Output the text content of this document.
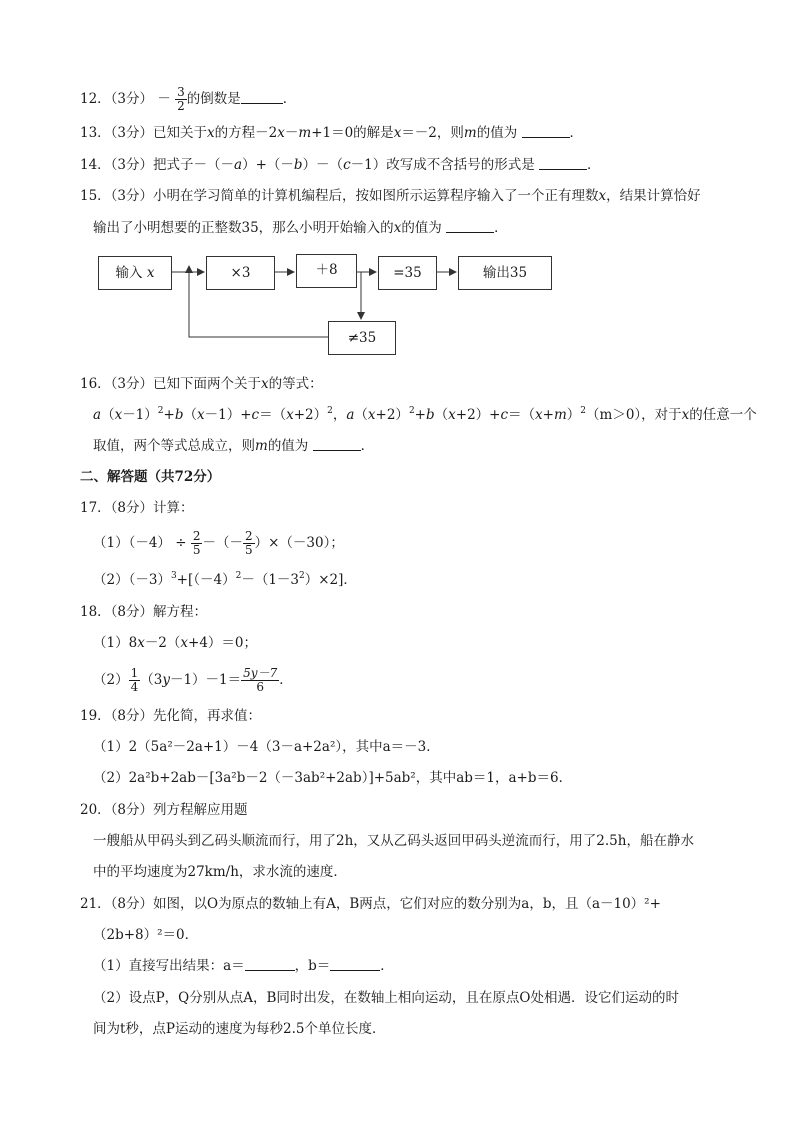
12．（3分） － $\frac{3}{2}$ 的倒数是	．
13．（3分）已知关于x的方程－2x－m+1＝0的解是x＝－2，则m的值为	．
14．（3分）把式子－（－a）+（－b）－（c－1）改写成不含括号的形式是	．
15．（3分）小明在学习简单的计算机编程后，按如图所示运算程序输入了一个正有理数x，结果计算恰好
输出了小明想要的正整数35，那么小明开始输入的x的值为	．
输入 x	×3	＋8	=35	输出35
≠35
16．（3分）已知下面两个关于x的等式：
$a(x-1)^2+b(x-1)+c=(x+2)^2$，$a(x+2)^2+b(x+2)+c=(x+m)^2(m>0)$，对于x的任意一个
取值，两个等式总成立，则m的值为	．
二、解答题（共72分）
17．（8分）计算：
$(1)(-4) \div \frac{2}{5}$ －（－ $\frac{2}{5} )\times(-30)$；
$(2)(-3)^3+[(-4)^2-(1-3^2)\times 2]$．
18．（8分）解方程：
（1）8x－2（x+4）＝0；
$(2) \frac{1}{4} (3y-1)-1= \frac{5y-7}{6}$ ．
19．（8分）先化简，再求值：
（1）2（5a²－2a+1）－4（3－a+2a²），其中a＝－3．
（2）2a²b+2ab－[3a²b－2（－3ab²+2ab）]+5ab²，其中ab＝1，a+b＝6．
20．（8分）列方程解应用题
一艘船从甲码头到乙码头顺流而行，用了2h，又从乙码头返回甲码头逆流而行，用了2.5h，船在静水
中的平均速度为27km/h，求水流的速度．
21．（8分）如图，以O为原点的数轴上有A，B两点，它们对应的数分别为a，b，且（a－10）²+
（2b+8）²＝0．
（1）直接写出结果：a＝	，b＝	．
（2）设点P，Q分别从点A，B同时出发，在数轴上相向运动，且在原点O处相遇．设它们运动的时
间为t秒，点P运动的速度为每秒2.5个单位长度．
